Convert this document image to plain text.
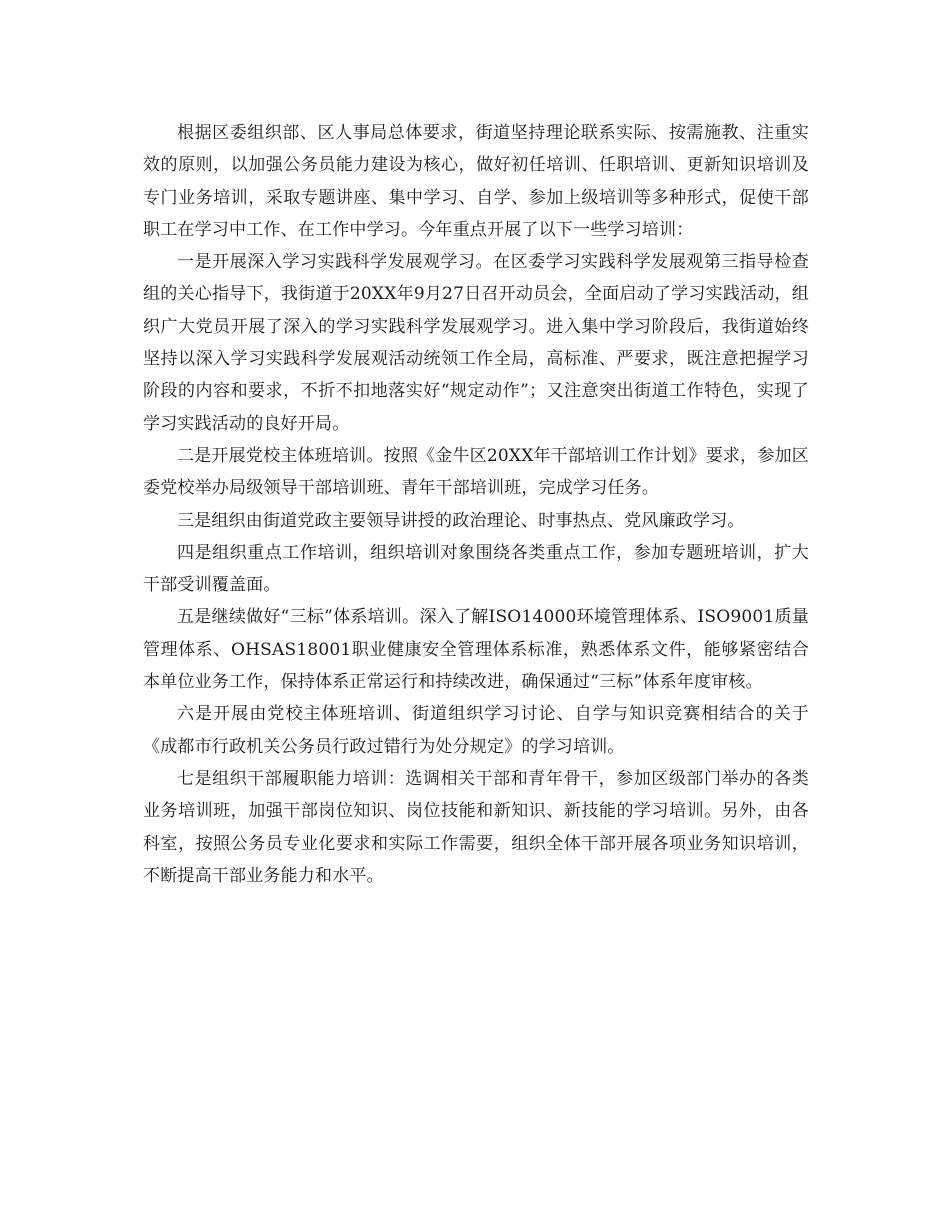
根据区委组织部、区人事局总体要求，街道坚持理论联系实际、按需施教、注重实效的原则，以加强公务员能力建设为核心，做好初任培训、任职培训、更新知识培训及专门业务培训，采取专题讲座、集中学习、自学、参加上级培训等多种形式，促使干部职工在学习中工作、在工作中学习。今年重点开展了以下一些学习培训：

一是开展深入学习实践科学发展观学习。在区委学习实践科学发展观第三指导检查组的关心指导下，我街道于20XX年9月27日召开动员会，全面启动了学习实践活动，组织广大党员开展了深入的学习实践科学发展观学习。进入集中学习阶段后，我街道始终坚持以深入学习实践科学发展观活动统领工作全局，高标准、严要求，既注意把握学习阶段的内容和要求，不折不扣地落实好“规定动作”；又注意突出街道工作特色，实现了学习实践活动的良好开局。

二是开展党校主体班培训。按照《金牛区20XX年干部培训工作计划》要求，参加区委党校举办局级领导干部培训班、青年干部培训班，完成学习任务。

三是组织由街道党政主要领导讲授的政治理论、时事热点、党风廉政学习。

四是组织重点工作培训，组织培训对象围绕各类重点工作，参加专题班培训，扩大干部受训覆盖面。

五是继续做好“三标”体系培训。深入了解ISO14000环境管理体系、ISO9001质量管理体系、OHSAS18001职业健康安全管理体系标准，熟悉体系文件，能够紧密结合本单位业务工作，保持体系正常运行和持续改进，确保通过“三标”体系年度审核。

六是开展由党校主体班培训、街道组织学习讨论、自学与知识竞赛相结合的关于《成都市行政机关公务员行政过错行为处分规定》的学习培训。

七是组织干部履职能力培训：选调相关干部和青年骨干，参加区级部门举办的各类业务培训班，加强干部岗位知识、岗位技能和新知识、新技能的学习培训。另外，由各科室，按照公务员专业化要求和实际工作需要，组织全体干部开展各项业务知识培训，不断提高干部业务能力和水平。
